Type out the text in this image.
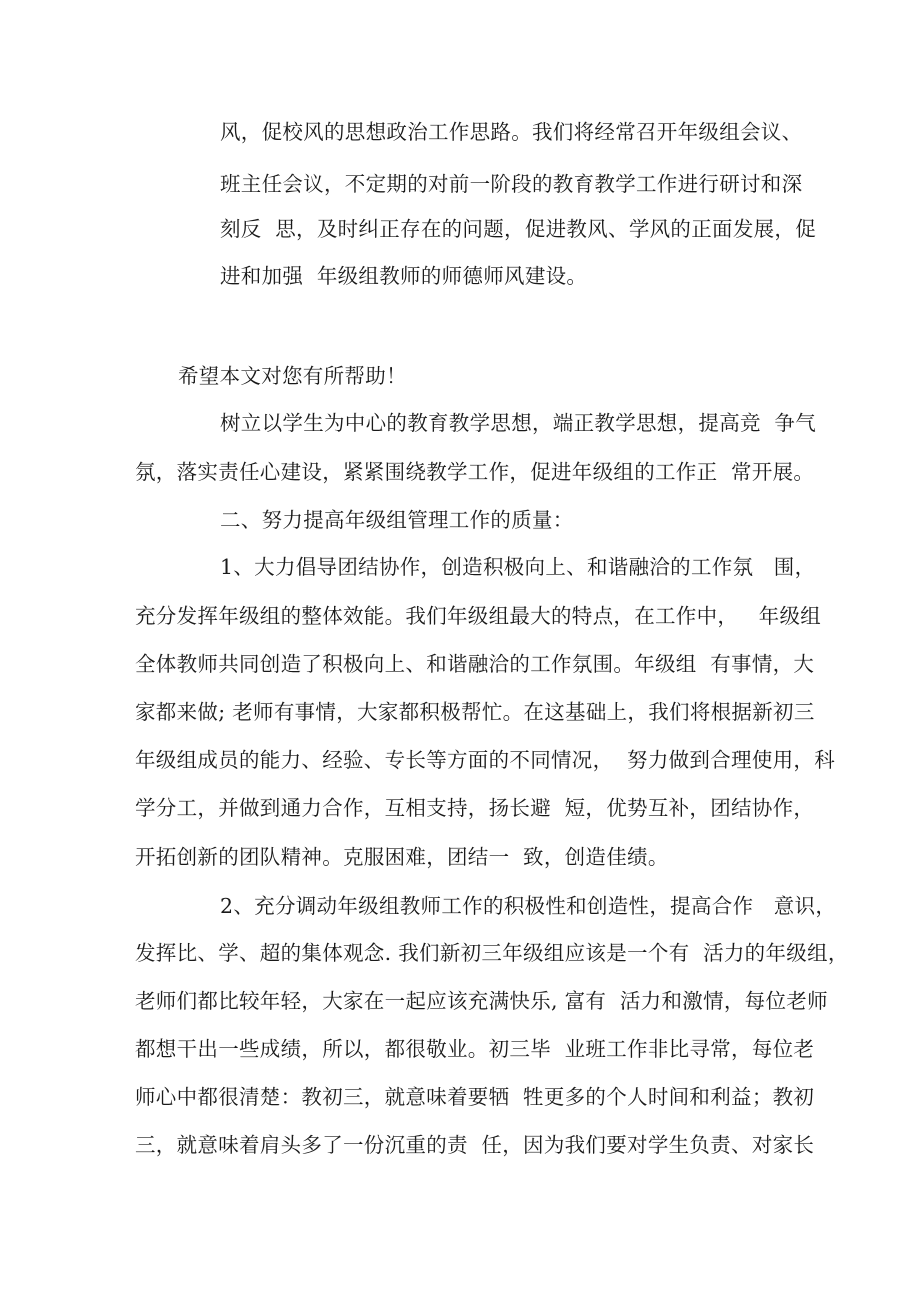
风，促校风的思想政治工作思路。我们将经常召开年级组会议、
班主任会议，不定期的对前一阶段的教育教学工作进行研讨和深
刻反  思，及时纠正存在的问题，促进教风、学风的正面发展，促
进和加强  年级组教师的师德师风建设。
希望本文对您有所帮助！
树立以学生为中心的教育教学思想，端正教学思想，提高竞  争气
氛，落实责任心建设，紧紧围绕教学工作，促进年级组的工作正  常开展。
二、努力提高年级组管理工作的质量：
1、大力倡导团结协作，创造积极向上、和谐融洽的工作氛   围，
充分发挥年级组的整体效能。我们年级组最大的特点，在工作中，   年级组
全体教师共同创造了积极向上、和谐融洽的工作氛围。年级组  有事情，大
家都来做; 老师有事情，大家都积极帮忙。在这基础上，我们将根据新初三
年级组成员的能力、经验、专长等方面的不同情况，  努力做到合理使用，科
学分工，并做到通力合作，互相支持，扬长避  短，优势互补，团结协作，
开拓创新的团队精神。克服困难，团结一  致，创造佳绩。
2、充分调动年级组教师工作的积极性和创造性，提高合作   意识，
发挥比、学、超的集体观念. 我们新初三年级组应该是一个有  活力的年级组，
老师们都比较年轻，大家在一起应该充满快乐, 富有  活力和激情，每位老师
都想干出一些成绩，所以，都很敬业。初三毕  业班工作非比寻常，每位老
师心中都很清楚：教初三，就意味着要牺  牲更多的个人时间和利益；教初
三，就意味着肩头多了一份沉重的责  任，因为我们要对学生负责、对家长
